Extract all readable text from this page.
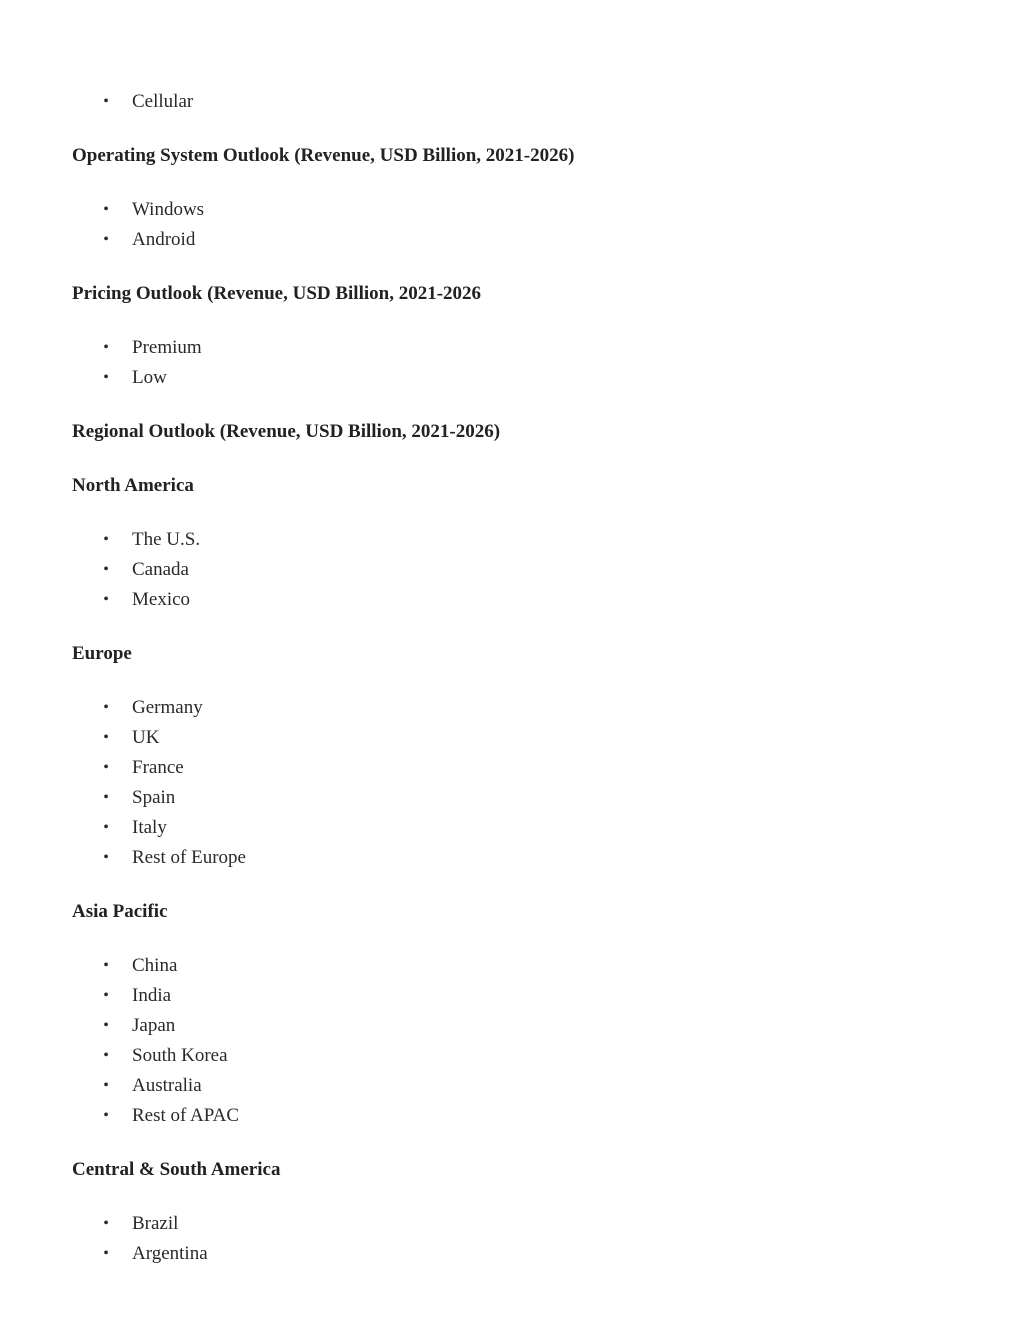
• Cellular
Operating System Outlook (Revenue, USD Billion, 2021-2026)
• Windows
• Android
Pricing Outlook (Revenue, USD Billion, 2021-2026
• Premium
• Low
Regional Outlook (Revenue, USD Billion, 2021-2026)
North America
• The U.S.
• Canada
• Mexico
Europe
• Germany
• UK
• France
• Spain
• Italy
• Rest of Europe
Asia Pacific
• China
• India
• Japan
• South Korea
• Australia
• Rest of APAC
Central & South America
• Brazil
• Argentina
